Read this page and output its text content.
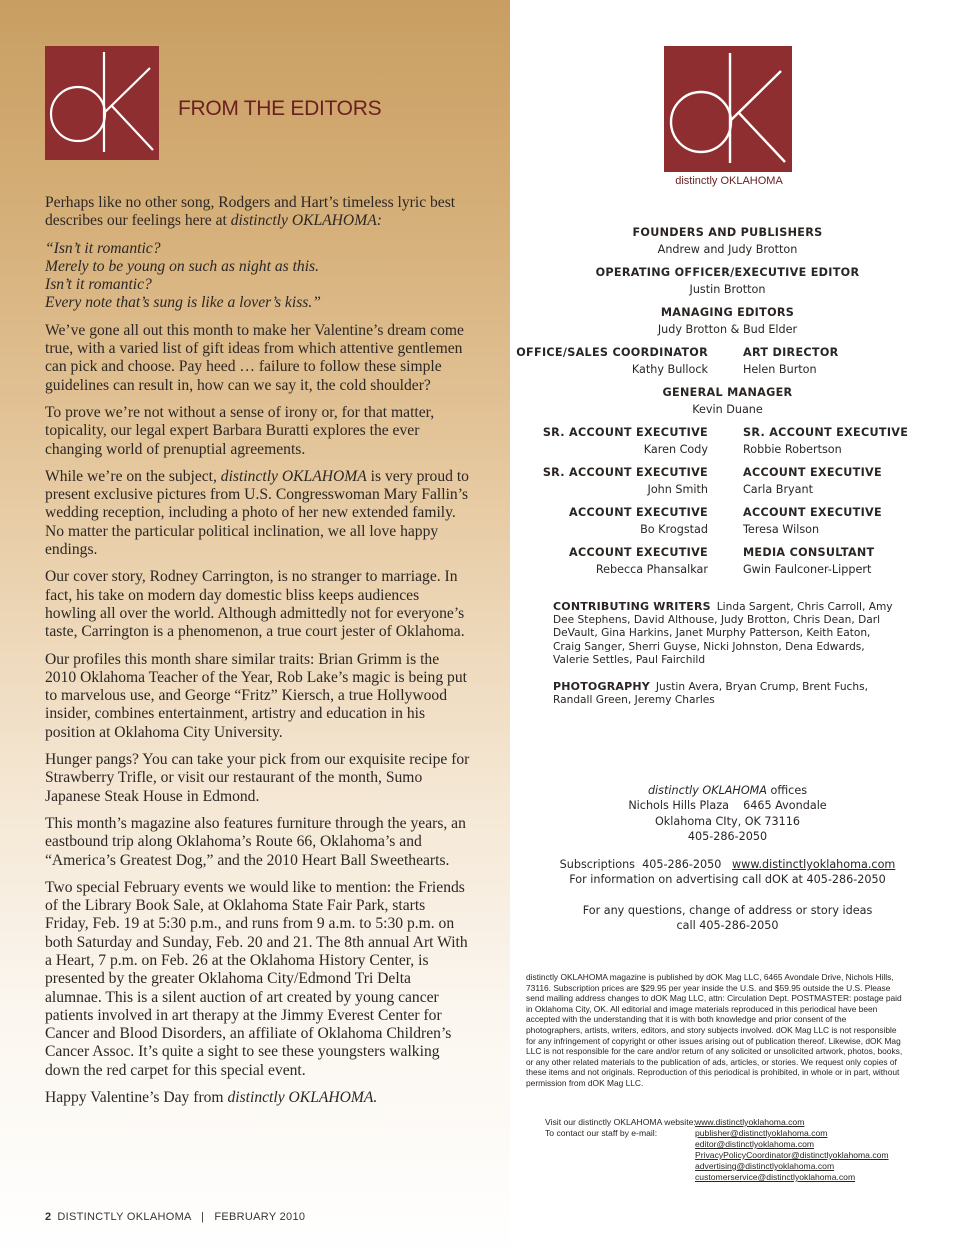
FROM THE EDITORS

Perhaps like no other song, Rodgers and Hart’s timeless lyric best describes our feelings here at distinctly OKLAHOMA:

“Isn’t it romantic?

Merely to be young on such as night as this.

Isn’t it romantic?

Every note that’s sung is like a lover’s kiss.”

We’ve gone all out this month to make her Valentine’s dream come true, with a varied list of gift ideas from which attentive gentlemen can pick and choose. Pay heed … failure to follow these simple guidelines can result in, how can we say it, the cold shoulder?

To prove we’re not without a sense of irony or, for that matter, topicality, our legal expert Barbara Buratti explores the ever changing world of prenuptial agreements.

While we’re on the subject, distinctly OKLAHOMA is very proud to present exclusive pictures from U.S. Congresswoman Mary Fallin’s wedding reception, including a photo of her new extended family. No matter the particular political inclination, we all love happy endings.

Our cover story, Rodney Carrington, is no stranger to marriage. In fact, his take on modern day domestic bliss keeps audiences howling all over the world. Although admittedly not for everyone’s taste, Carrington is a phenomenon, a true court jester of Oklahoma.

Our profiles this month share similar traits: Brian Grimm is the 2010 Oklahoma Teacher of the Year, Rob Lake’s magic is being put to marvelous use, and George “Fritz” Kiersch, a true Hollywood insider, combines entertainment, artistry and education in his position at Oklahoma City University.

Hunger pangs? You can take your pick from our exquisite recipe for Strawberry Trifle, or visit our restaurant of the month, Sumo Japanese Steak House in Edmond.

This month’s magazine also features furniture through the years, an eastbound trip along Oklahoma’s Route 66, Oklahoma’s and “America’s Greatest Dog,” and the 2010 Heart Ball Sweethearts.

Two special February events we would like to mention: the Friends of the Library Book Sale, at Oklahoma State Fair Park, starts Friday, Feb. 19 at 5:30 p.m., and runs from 9 a.m. to 5:30 p.m. on both Saturday and Sunday, Feb. 20 and 21. The 8th annual Art With a Heart, 7 p.m. on Feb. 26 at the Oklahoma History Center, is presented by the greater Oklahoma City/Edmond Tri Delta alumnae. This is a silent auction of art created by young cancer patients involved in art therapy at the Jimmy Everest Center for Cancer and Blood Disorders, an affiliate of Oklahoma Children’s Cancer Assoc. It’s quite a sight to see these youngsters walking down the red carpet for this special event.

Happy Valentine’s Day from distinctly OKLAHOMA.

2 DISTINCTLY OKLAHOMA   |   FEBRUARY 2010
distinctly OKLAHOMA
FOUNDERS AND PUBLISHERS
Andrew and Judy Brotton
OPERATING OFFICER/EXECUTIVE EDITOR
Justin Brotton
MANAGING EDITORS
Judy Brotton & Bud Elder
OFFICE/SALES COORDINATOR
Kathy Bullock
ART DIRECTOR
Helen Burton
GENERAL MANAGER
Kevin Duane
SR. ACCOUNT EXECUTIVE
Karen Cody
SR. ACCOUNT EXECUTIVE
Robbie Robertson
SR. ACCOUNT EXECUTIVE
John Smith
ACCOUNT EXECUTIVE
Carla Bryant
ACCOUNT EXECUTIVE
Bo Krogstad
ACCOUNT EXECUTIVE
Teresa Wilson
ACCOUNT EXECUTIVE
Rebecca Phansalkar
MEDIA CONSULTANT
Gwin Faulconer-Lippert
CONTRIBUTING WRITERS Linda Sargent, Chris Carroll, Amy Dee Stephens, David Althouse, Judy Brotton, Chris Dean, Darl DeVault, Gina Harkins, Janet Murphy Patterson, Keith Eaton, Craig Sanger, Sherri Guyse, Nicki Johnston, Dena Edwards, Valerie Settles, Paul Fairchild
PHOTOGRAPHY Justin Avera, Bryan Crump, Brent Fuchs, Randall Green, Jeremy Charles
distinctly OKLAHOMA offices
Nichols Hills Plaza    6465 Avondale
Oklahoma CIty, OK 73116
405-286-2050
Subscriptions  405-286-2050   www.distinctlyoklahoma.com
For information on advertising call dOK at 405-286-2050
For any questions, change of address or story ideas
call 405-286-2050
distinctly OKLAHOMA magazine is published by dOK Mag LLC, 6465 Avondale Drive, Nichols Hills, 73116. Subscription prices are $29.95 per year inside the U.S. and $59.95 outside the U.S. Please send mailing address changes to dOK Mag LLC, attn: Circulation Dept. POSTMASTER: postage paid in Oklahoma City, OK. All editorial and image materials reproduced in this periodical have been accepted with the understanding that it is with both knowledge and prior consent of the photographers, artists, writers, editors, and story subjects involved. dOK Mag LLC is not responsible for any infringement of copyright or other issues arising out of publication thereof. Likewise, dOK Mag LLC is not responsible for the care and/or return of any solicited or unsolicited artwork, photos, books, or any other related materials to the publication of ads, articles, or stories. We request only copies of these items and not originals. Reproduction of this periodical is prohibited, in whole or in part, without permission from dOK Mag LLC.
Visit our distinctly OKLAHOMA website:
To contact our staff by e-mail:
www.distinctlyoklahoma.com
publisher@distinctlyoklahoma.com
editor@distinctlyoklahoma.com
PrivacyPolicyCoordinator@distinctlyoklahoma.com
advertising@distinctlyoklahoma.com
customerservice@distinctlyoklahoma.com
